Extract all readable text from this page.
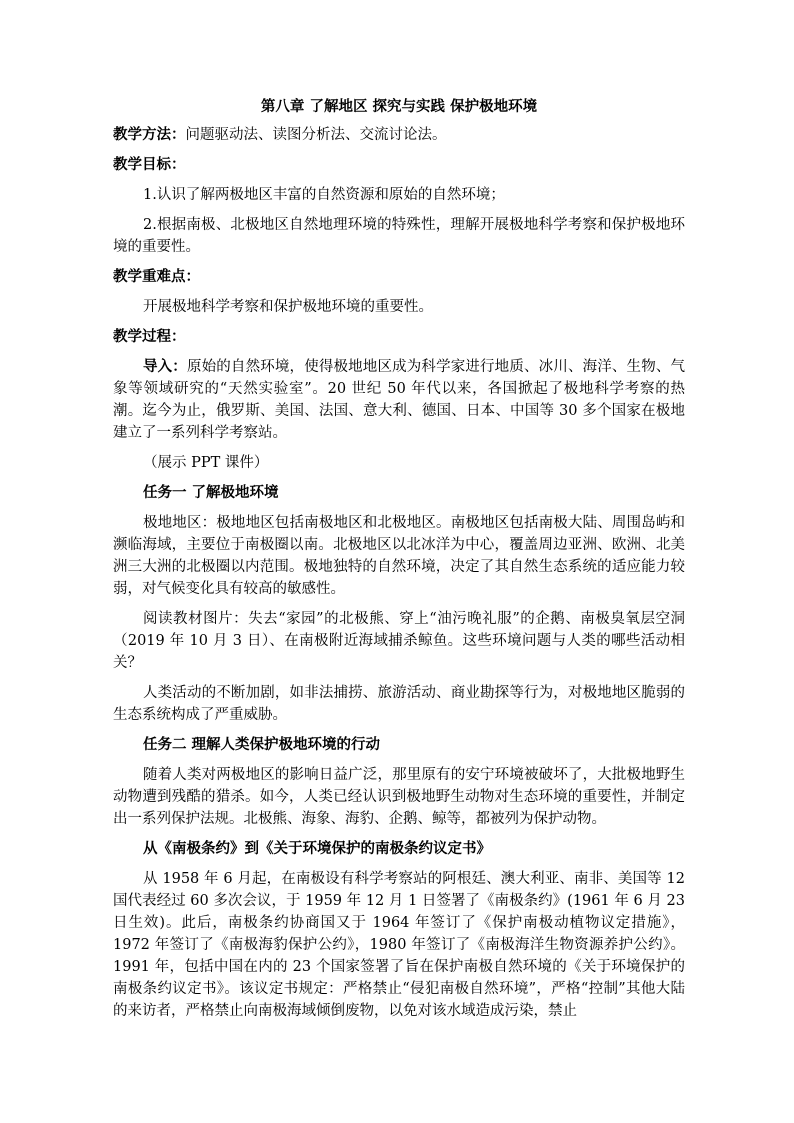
第八章 了解地区 探究与实践 保护极地环境
教学方法：问题驱动法、读图分析法、交流讨论法。
教学目标：
1.认识了解两极地区丰富的自然资源和原始的自然环境；
2.根据南极、北极地区自然地理环境的特殊性，理解开展极地科学考察和保护极地环境的重要性。
教学重难点：
开展极地科学考察和保护极地环境的重要性。
教学过程：
导入：原始的自然环境，使得极地地区成为科学家进行地质、冰川、海洋、生物、气象等领域研究的“天然实验室”。20 世纪 50 年代以来，各国掀起了极地科学考察的热潮。迄今为止，俄罗斯、美国、法国、意大利、德国、日本、中国等 30 多个国家在极地建立了一系列科学考察站。
（展示 PPT 课件）
任务一 了解极地环境
极地地区：极地地区包括南极地区和北极地区。南极地区包括南极大陆、周围岛屿和濒临海域，主要位于南极圈以南。北极地区以北冰洋为中心，覆盖周边亚洲、欧洲、北美洲三大洲的北极圈以内范围。极地独特的自然环境，决定了其自然生态系统的适应能力较弱，对气候变化具有较高的敏感性。
阅读教材图片：失去“家园”的北极熊、穿上“油污晚礼服”的企鹅、南极臭氧层空洞（2019 年 10 月 3 日）、在南极附近海域捕杀鲸鱼。这些环境问题与人类的哪些活动相关？
人类活动的不断加剧，如非法捕捞、旅游活动、商业勘探等行为，对极地地区脆弱的生态系统构成了严重威胁。
任务二 理解人类保护极地环境的行动
随着人类对两极地区的影响日益广泛，那里原有的安宁环境被破坏了，大批极地野生动物遭到残酷的猎杀。如今，人类已经认识到极地野生动物对生态环境的重要性，并制定出一系列保护法规。北极熊、海象、海豹、企鹅、鲸等，都被列为保护动物。
从《南极条约》到《关于环境保护的南极条约议定书》
从 1958 年 6 月起，在南极设有科学考察站的阿根廷、澳大利亚、南非、美国等 12 国代表经过 60 多次会议，于 1959 年 12 月 1 日签署了《南极条约》(1961 年 6 月 23 日生效)。此后，南极条约协商国又于 1964 年签订了《保护南极动植物议定措施》，1972 年签订了《南极海豹保护公约》，1980 年签订了《南极海洋生物资源养护公约》。1991 年，包括中国在内的 23 个国家签署了旨在保护南极自然环境的《关于环境保护的南极条约议定书》。该议定书规定：严格禁止“侵犯南极自然环境”，严格“控制”其他大陆的来访者，严格禁止向南极海域倾倒废物，以免对该水域造成污染，禁止
